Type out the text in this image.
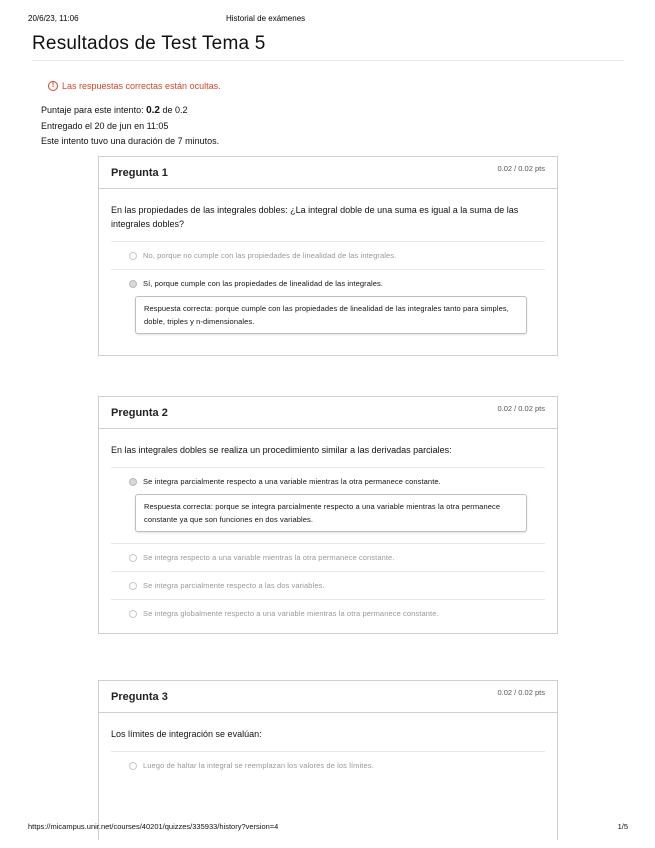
20/6/23, 11:06	Historial de exámenes
Resultados de Test Tema 5
! Las respuestas correctas están ocultas.
Puntaje para este intento: 0.2 de 0.2
Entregado el 20 de jun en 11:05
Este intento tuvo una duración de 7 minutos.
Pregunta 1	0.02 / 0.02 pts
En las propiedades de las integrales dobles: ¿La integral doble de una suma es igual a la suma de las integrales dobles?
No, porque no cumple con las propiedades de linealidad de las integrales.
Sí, porque cumple con las propiedades de linealidad de las integrales.
Respuesta correcta: porque cumple con las propiedades de linealidad de las integrales tanto para simples, doble, triples y n-dimensionales.
Pregunta 2	0.02 / 0.02 pts
En las integrales dobles se realiza un procedimiento similar a las derivadas parciales:
Se integra parcialmente respecto a una variable mientras la otra permanece constante.
Respuesta correcta: porque se integra parcialmente respecto a una variable mientras la otra permanece constante ya que son funciones en dos variables.
Se integra respecto a una variable mientras la otra permanece constante.
Se integra parcialmente respecto a las dos variables.
Se integra globalmente respecto a una variable mientras la otra permanece constante.
Pregunta 3	0.02 / 0.02 pts
Los límites de integración se evalúan:
Luego de haltar la integral se reemplazan los valores de los límites.
https://micampus.unir.net/courses/40201/quizzes/335933/history?version=4	1/5
